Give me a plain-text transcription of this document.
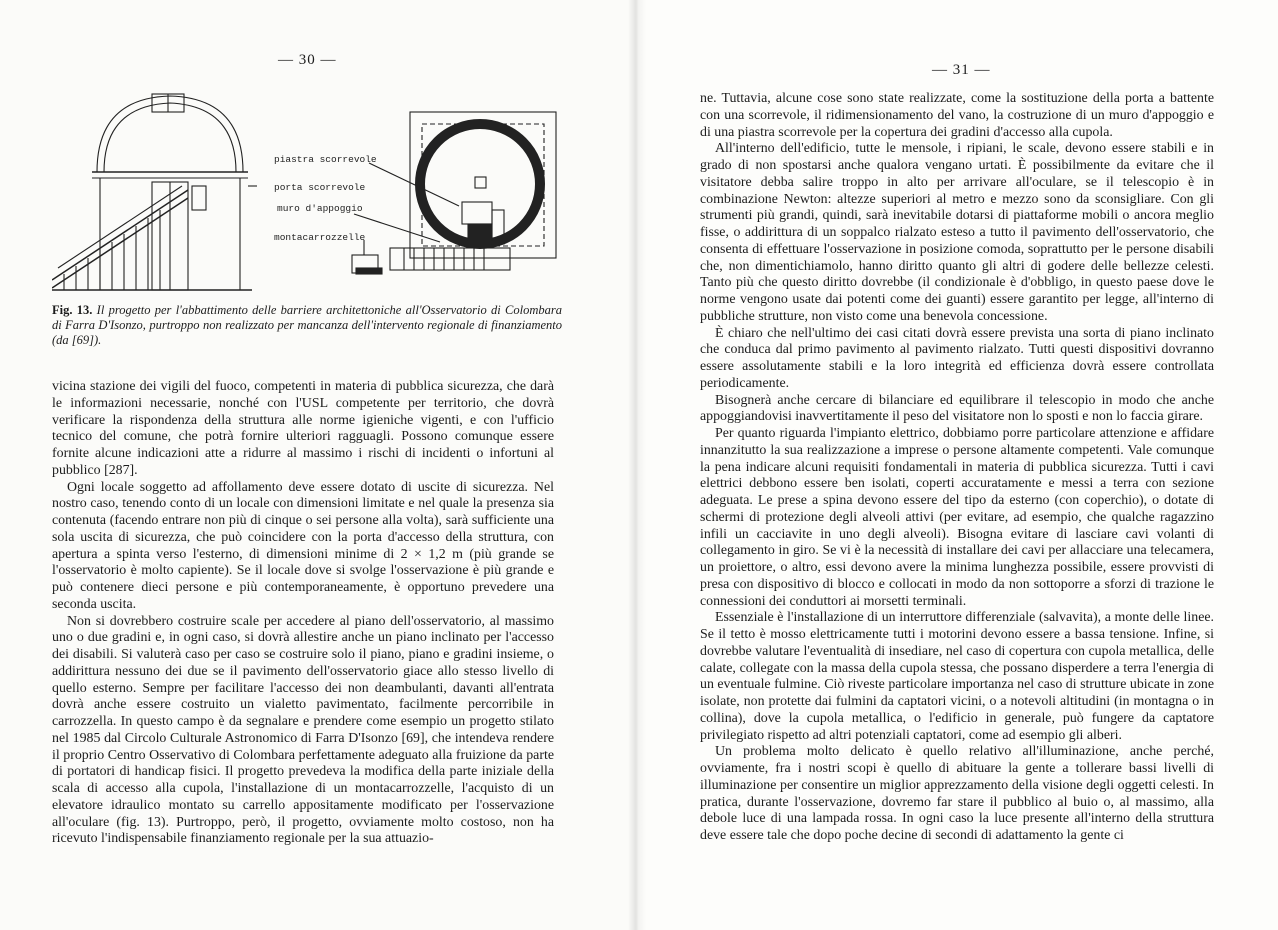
— 30 —
piastra scorrevole
porta scorrevole
muro d'appoggio
montacarrozzelle
Fig. 13. Il progetto per l'abbattimento delle barriere architettoniche all'Osservatorio di Colombara di Farra D'Isonzo, purtroppo non realizzato per mancanza dell'intervento regionale di finanziamento (da [69]).

vicina stazione dei vigili del fuoco, competenti in materia di pubblica sicurezza, che darà le informazioni necessarie, nonché con l'USL competente per territorio, che dovrà verificare la rispondenza della struttura alle norme igieniche vigenti, e con l'ufficio tecnico del comune, che potrà fornire ulteriori ragguagli. Possono comunque essere fornite alcune indicazioni atte a ridurre al massimo i rischi di incidenti o infortuni al pubblico [287].

Ogni locale soggetto ad affollamento deve essere dotato di uscite di sicurezza. Nel nostro caso, tenendo conto di un locale con dimensioni limitate e nel quale la presenza sia contenuta (facendo entrare non più di cinque o sei persone alla volta), sarà sufficiente una sola uscita di sicurezza, che può coincidere con la porta d'accesso della struttura, con apertura a spinta verso l'esterno, di dimensioni minime di 2 × 1,2 m (più grande se l'osservatorio è molto capiente). Se il locale dove si svolge l'osservazione è più grande e può contenere dieci persone e più contemporaneamente, è opportuno prevedere una seconda uscita.

Non si dovrebbero costruire scale per accedere al piano dell'osservatorio, al massimo uno o due gradini e, in ogni caso, si dovrà allestire anche un piano inclinato per l'accesso dei disabili. Si valuterà caso per caso se costruire solo il piano, piano e gradini insieme, o addirittura nessuno dei due se il pavimento dell'osservatorio giace allo stesso livello di quello esterno. Sempre per facilitare l'accesso dei non deambulanti, davanti all'entrata dovrà anche essere costruito un vialetto pavimentato, facilmente percorribile in carrozzella. In questo campo è da segnalare e prendere come esempio un progetto stilato nel 1985 dal Circolo Culturale Astronomico di Farra D'Isonzo [69], che intendeva rendere il proprio Centro Osservativo di Colombara perfettamente adeguato alla fruizione da parte di portatori di handicap fisici. Il progetto prevedeva la modifica della parte iniziale della scala di accesso alla cupola, l'installazione di un montacarrozzelle, l'acquisto di un elevatore idraulico montato su carrello appositamente modificato per l'osservazione all'oculare (fig. 13). Purtroppo, però, il progetto, ovviamente molto costoso, non ha ricevuto l'indispensabile finanziamento regionale per la sua attuazio-

— 31 —

ne. Tuttavia, alcune cose sono state realizzate, come la sostituzione della porta a battente con una scorrevole, il ridimensionamento del vano, la costruzione di un muro d'appoggio e di una piastra scorrevole per la copertura dei gradini d'accesso alla cupola.

All'interno dell'edificio, tutte le mensole, i ripiani, le scale, devono essere stabili e in grado di non spostarsi anche qualora vengano urtati. È possibilmente da evitare che il visitatore debba salire troppo in alto per arrivare all'oculare, se il telescopio è in combinazione Newton: altezze superiori al metro e mezzo sono da sconsigliare. Con gli strumenti più grandi, quindi, sarà inevitabile dotarsi di piattaforme mobili o ancora meglio fisse, o addirittura di un soppalco rialzato esteso a tutto il pavimento dell'osservatorio, che consenta di effettuare l'osservazione in posizione comoda, soprattutto per le persone disabili che, non dimentichiamolo, hanno diritto quanto gli altri di godere delle bellezze celesti. Tanto più che questo diritto dovrebbe (il condizionale è d'obbligo, in questo paese dove le norme vengono usate dai potenti come dei guanti) essere garantito per legge, all'interno di pubbliche strutture, non visto come una benevola concessione.

È chiaro che nell'ultimo dei casi citati dovrà essere prevista una sorta di piano inclinato che conduca dal primo pavimento al pavimento rialzato. Tutti questi dispositivi dovranno essere assolutamente stabili e la loro integrità ed efficienza dovrà essere controllata periodicamente.

Bisognerà anche cercare di bilanciare ed equilibrare il telescopio in modo che anche appoggiandovisi inavvertitamente il peso del visitatore non lo sposti e non lo faccia girare.

Per quanto riguarda l'impianto elettrico, dobbiamo porre particolare attenzione e affidare innanzitutto la sua realizzazione a imprese o persone altamente competenti. Vale comunque la pena indicare alcuni requisiti fondamentali in materia di pubblica sicurezza. Tutti i cavi elettrici debbono essere ben isolati, coperti accuratamente e messi a terra con sezione adeguata. Le prese a spina devono essere del tipo da esterno (con coperchio), o dotate di schermi di protezione degli alveoli attivi (per evitare, ad esempio, che qualche ragazzino infili un cacciavite in uno degli alveoli). Bisogna evitare di lasciare cavi volanti di collegamento in giro. Se vi è la necessità di installare dei cavi per allacciare una telecamera, un proiettore, o altro, essi devono avere la minima lunghezza possibile, essere provvisti di presa con dispositivo di blocco e collocati in modo da non sottoporre a sforzi di trazione le connessioni dei conduttori ai morsetti terminali.

Essenziale è l'installazione di un interruttore differenziale (salvavita), a monte delle linee. Se il tetto è mosso elettricamente tutti i motorini devono essere a bassa tensione. Infine, si dovrebbe valutare l'eventualità di insediare, nel caso di copertura con cupola metallica, delle calate, collegate con la massa della cupola stessa, che possano disperdere a terra l'energia di un eventuale fulmine. Ciò riveste particolare importanza nel caso di strutture ubicate in zone isolate, non protette dai fulmini da captatori vicini, o a notevoli altitudini (in montagna o in collina), dove la cupola metallica, o l'edificio in generale, può fungere da captatore privilegiato rispetto ad altri potenziali captatori, come ad esempio gli alberi.

Un problema molto delicato è quello relativo all'illuminazione, anche perché, ovviamente, fra i nostri scopi è quello di abituare la gente a tollerare bassi livelli di illuminazione per consentire un miglior apprezzamento della visione degli oggetti celesti. In pratica, durante l'osservazione, dovremo far stare il pubblico al buio o, al massimo, alla debole luce di una lampada rossa. In ogni caso la luce presente all'interno della struttura deve essere tale che dopo poche decine di secondi di adattamento la gente ci
